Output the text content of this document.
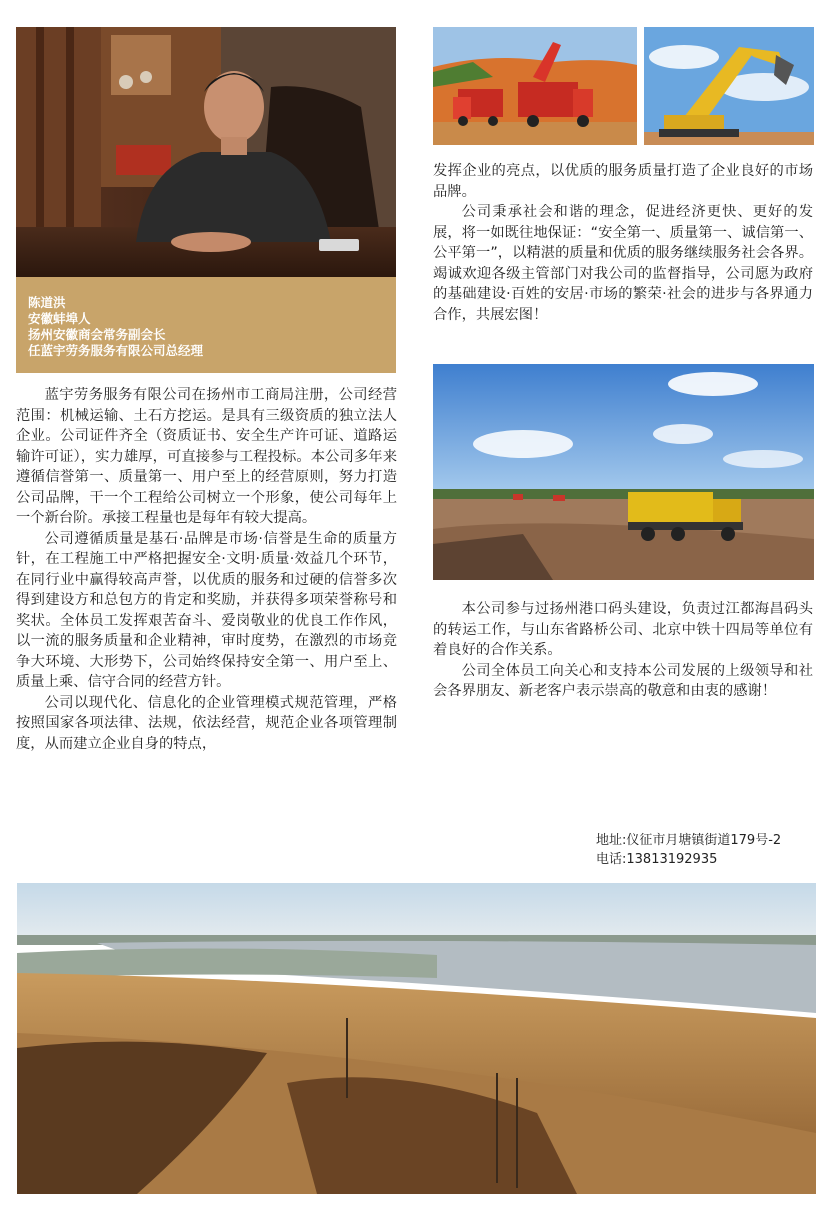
陈道洪
安徽蚌埠人
扬州安徽商会常务副会长
任蓝宇劳务服务有限公司总经理

蓝宇劳务服务有限公司在扬州市工商局注册，公司经营范围：机械运输、土石方挖运。是具有三级资质的独立法人企业。公司证件齐全（资质证书、安全生产许可证、道路运输许可证），实力雄厚，可直接参与工程投标。本公司多年来遵循信誉第一、质量第一、用户至上的经营原则，努力打造公司品牌，干一个工程给公司树立一个形象，使公司每年上一个新台阶。承接工程量也是每年有较大提高。

公司遵循质量是基石·品牌是市场·信誉是生命的质量方针，在工程施工中严格把握安全·文明·质量·效益几个环节，在同行业中赢得较高声誉，以优质的服务和过硬的信誉多次得到建设方和总包方的肯定和奖励，并获得多项荣誉称号和奖状。全体员工发挥艰苦奋斗、爱岗敬业的优良工作作风，以一流的服务质量和企业精神，审时度势，在激烈的市场竞争大环境、大形势下，公司始终保持安全第一、用户至上、质量上乘、信守合同的经营方针。

公司以现代化、信息化的企业管理模式规范管理，严格按照国家各项法律、法规，依法经营，规范企业各项管理制度，从而建立企业自身的特点，

发挥企业的亮点，以优质的服务质量打造了企业良好的市场品牌。

公司秉承社会和谐的理念，促进经济更快、更好的发展，将一如既往地保证：“安全第一、质量第一、诚信第一、公平第一”，以精湛的质量和优质的服务继续服务社会各界。竭诚欢迎各级主管部门对我公司的监督指导，公司愿为政府的基础建设·百姓的安居·市场的繁荣·社会的进步与各界通力合作，共展宏图！

本公司参与过扬州港口码头建设，负责过江都海昌码头的转运工作，与山东省路桥公司、北京中铁十四局等单位有着良好的合作关系。

公司全体员工向关心和支持本公司发展的上级领导和社会各界朋友、新老客户表示崇高的敬意和由衷的感谢！

地址:仪征市月塘镇街道179号-2
电话:13813192935
